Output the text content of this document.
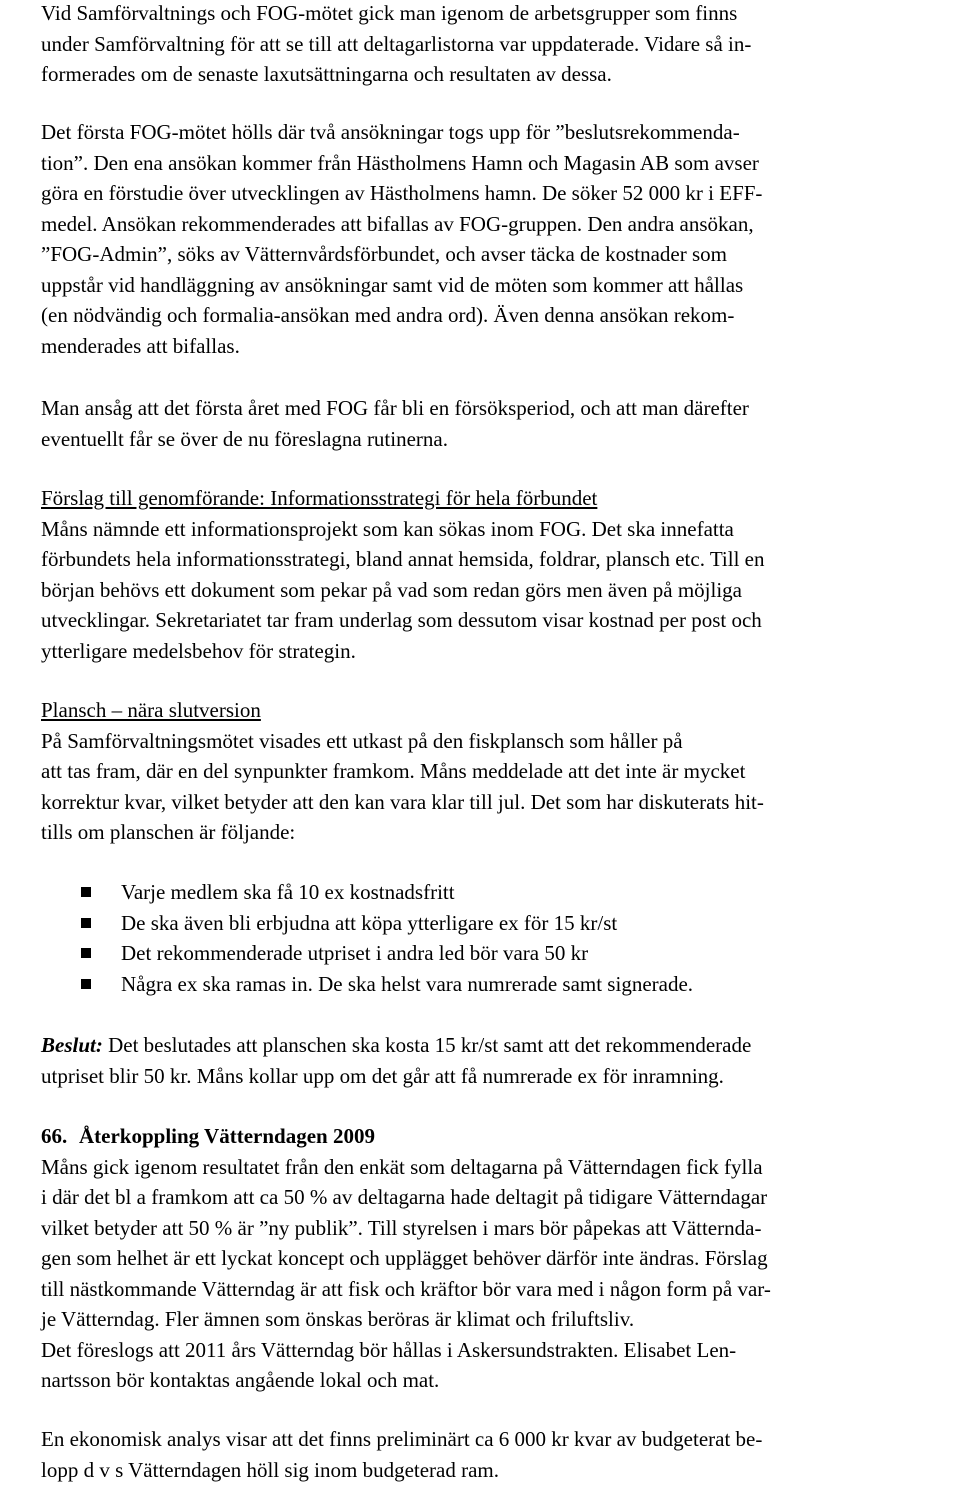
Vid Samförvaltnings och FOG-mötet gick man igenom de arbetsgrupper som finns
under Samförvaltning för att se till att deltagarlistorna var uppdaterade. Vidare så in-
formerades om de senaste laxutsättningarna och resultaten av dessa.
Det första FOG-mötet hölls där två ansökningar togs upp för ”beslutsrekommenda-
tion”. Den ena ansökan kommer från Hästholmens Hamn och Magasin AB som avser
göra en förstudie över utvecklingen av Hästholmens hamn. De söker 52 000 kr i EFF-
medel. Ansökan rekommenderades att bifallas av FOG-gruppen. Den andra ansökan,
”FOG-Admin”, söks av Vätternvårdsförbundet, och avser täcka de kostnader som
uppstår vid handläggning av ansökningar samt vid de möten som kommer att hållas
(en nödvändig och formalia-ansökan med andra ord). Även denna ansökan rekom-
menderades att bifallas.
Man ansåg att det första året med FOG får bli en försöksperiod, och att man därefter
eventuellt får se över de nu föreslagna rutinerna.
Förslag till genomförande: Informationsstrategi för hela förbundet
Måns nämnde ett informationsprojekt som kan sökas inom FOG. Det ska innefatta
förbundets hela informationsstrategi, bland annat hemsida, foldrar, plansch etc. Till en
början behövs ett dokument som pekar på vad som redan görs men även på möjliga
utvecklingar. Sekretariatet tar fram underlag som dessutom visar kostnad per post och
ytterligare medelsbehov för strategin.
Plansch – nära slutversion
På Samförvaltningsmötet visades ett utkast på den fiskplansch som håller på
att tas fram, där en del synpunkter framkom. Måns meddelade att det inte är mycket
korrektur kvar, vilket betyder att den kan vara klar till jul. Det som har diskuterats hit-
tills om planschen är följande:
Varje medlem ska få 10 ex kostnadsfritt
De ska även bli erbjudna att köpa ytterligare ex för 15 kr/st
Det rekommenderade utpriset i andra led bör vara 50 kr
Några ex ska ramas in. De ska helst vara numrerade samt signerade.
Beslut: Det beslutades att planschen ska kosta 15 kr/st samt att det rekommenderade
utpriset blir 50 kr. Måns kollar upp om det går att få numrerade ex för inramning.
66. Återkoppling Vätterndagen 2009
Måns gick igenom resultatet från den enkät som deltagarna på Vätterndagen fick fylla
i där det bl a framkom att ca 50 % av deltagarna hade deltagit på tidigare Vätterndagar
vilket betyder att 50 % är ”ny publik”. Till styrelsen i mars bör påpekas att Vätternda-
gen som helhet är ett lyckat koncept och upplägget behöver därför inte ändras. Förslag
till nästkommande Vätterndag är att fisk och kräftor bör vara med i någon form på var-
je Vätterndag. Fler ämnen som önskas beröras är klimat och friluftsliv.
Det föreslogs att 2011 års Vätterndag bör hållas i Askersundstrakten. Elisabet Len-
nartsson bör kontaktas angående lokal och mat.
En ekonomisk analys visar att det finns preliminärt ca 6 000 kr kvar av budgeterat be-
lopp d v s Vätterndagen höll sig inom budgeterad ram.
